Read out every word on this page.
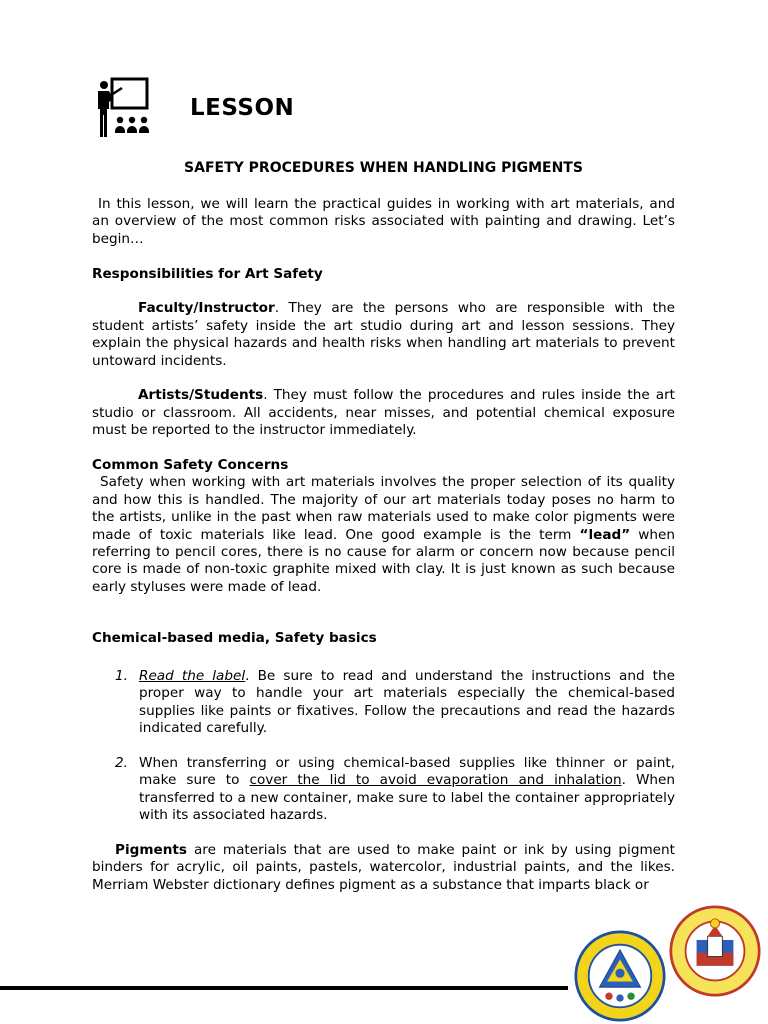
LESSON
SAFETY PROCEDURES WHEN HANDLING PIGMENTS

In this lesson, we will learn the practical guides in working with art materials, and an overview of the most common risks associated with painting and drawing. Let’s begin…

Responsibilities for Art Safety

Faculty/Instructor. They are the persons who are responsible with the student artists’ safety inside the art studio during art and lesson sessions. They explain the physical hazards and health risks when handling art materials to prevent untoward incidents.

Artists/Students. They must follow the procedures and rules inside the art studio or classroom. All accidents, near misses, and potential chemical exposure must be reported to the instructor immediately.

Common Safety Concerns

Safety when working with art materials involves the proper selection of its quality and how this is handled. The majority of our art materials today poses no harm to the artists, unlike in the past when raw materials used to make color pigments were made of toxic materials like lead. One good example is the term “lead” when referring to pencil cores, there is no cause for alarm or concern now because pencil core is made of non-toxic graphite mixed with clay. It is just known as such because early styluses were made of lead.

Chemical-based media, Safety basics

1. Read the label. Be sure to read and understand the instructions and the proper way to handle your art materials especially the chemical-based supplies like paints or fixatives. Follow the precautions and read the hazards indicated carefully.
2. When transferring or using chemical-based supplies like thinner or paint, make sure to cover the lid to avoid evaporation and inhalation. When transferred to a new container, make sure to label the container appropriately with its associated hazards.

Pigments are materials that are used to make paint or ink by using pigment binders for acrylic, oil paints, pastels, watercolor, industrial paints, and the likes. Merriam Webster dictionary defines pigment as a substance that imparts black or
